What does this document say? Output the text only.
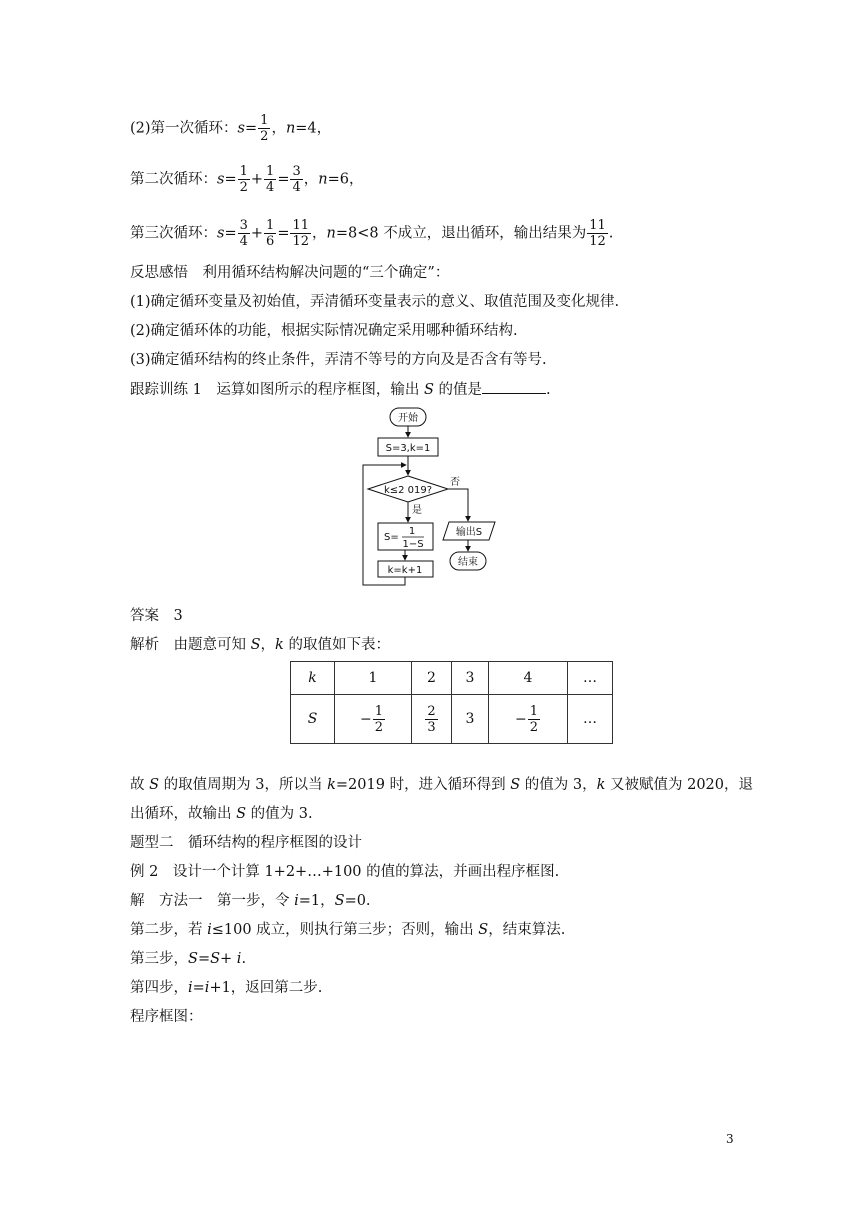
(2)第一次循环：$s= \frac{1}{2}$ ，n=4，
第二次循环：$s= \frac{1}{2} + \frac{1}{4} = \frac{3}{4}$ ，n=6，
第三次循环：$s= \frac{3}{4} + \frac{1}{6} = \frac{11}{12}$ ，n=8<8 不成立，退出循环，输出结果为 $\frac{11}{12}$ .
反思感悟　利用循环结构解决问题的“三个确定”：
(1)确定循环变量及初始值，弄清循环变量表示的意义、取值范围及变化规律.
(2)确定循环体的功能，根据实际情况确定采用哪种循环结构.
(3)确定循环结构的终止条件，弄清不等号的方向及是否含有等号.
跟踪训练 1　运算如图所示的程序框图，输出 S 的值是	.
开始
S=3,k=1
k≤2 019?
否
是
S=
1
1−S
k=k+1
输出S
结束
答案　3
解析　由题意可知 S，k 的取值如下表：
k	1	2	3	4	…
S	− $\frac{1}{2}$	$\frac{2}{3}$	3	− $\frac{1}{2}$	…
故 S 的取值周期为 3，所以当 k=2019 时，进入循环得到 S 的值为 3，k 又被赋值为 2020，退
出循环，故输出 S 的值为 3.
题型二　循环结构的程序框图的设计
例 2　设计一个计算 1+2+…+100 的值的算法，并画出程序框图.
解　方法一　第一步，令 i=1，S=0.
第二步，若 i≤100 成立，则执行第三步；否则，输出 S，结束算法.
第三步，S=S+ i.
第四步，i=i+1，返回第二步.
程序框图：
3
